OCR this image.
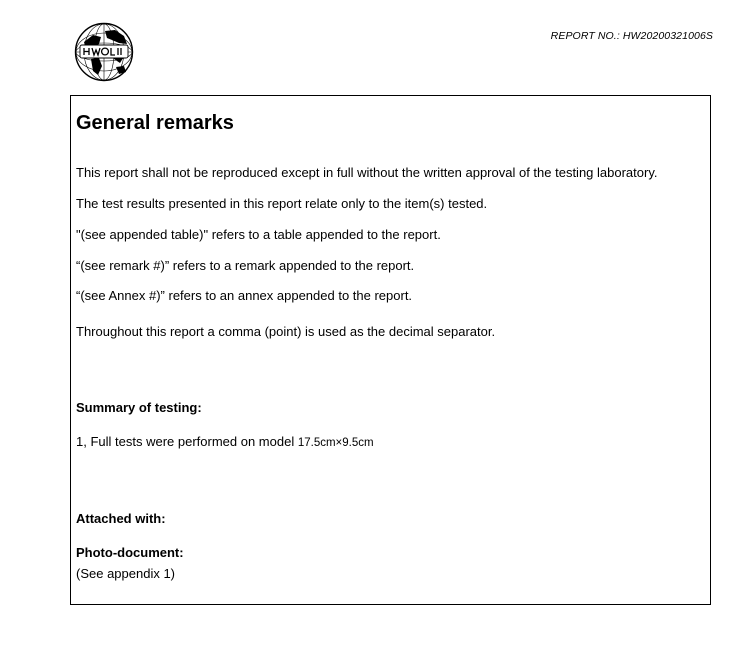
REPORT NO.: HW20200321006S
General remarks
This report shall not be reproduced except in full without the written approval of the testing laboratory.
The test results presented in this report relate only to the item(s) tested.
"(see appended table)" refers to a table appended to the report.
“(see remark #)” refers to a remark appended to the report.
“(see Annex #)” refers to an annex appended to the report.
Throughout this report a comma (point) is used as the decimal separator.
Summary of testing:
1, Full tests were performed on model 17.5cm×9.5cm
Attached with:
Photo-document:
(See appendix 1)
